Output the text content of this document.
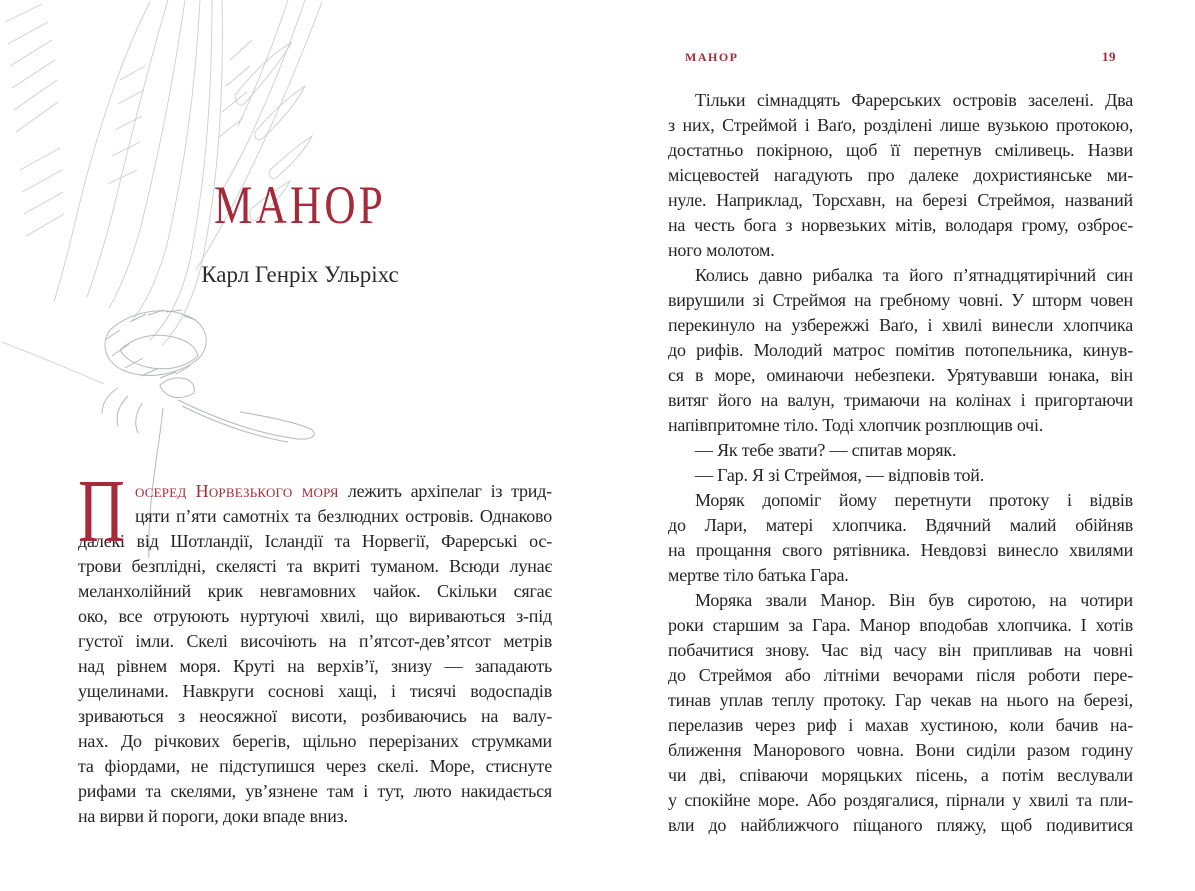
МАНОР
Карл Генріх Ульріхс
П осеред Норвезького моря лежить архіпелаг із трид-
цяти п’яти самотніх та безлюдних островів. Однаково
далекі від Шотландії, Ісландії та Норвегії, Фарерські ос-
трови безплідні, скелясті та вкриті туманом. Всюди лунає
меланхолійний крик невгамовних чайок. Скільки сягає
око, все отруюють нуртуючі хвилі, що вириваються з-під
густої імли. Скелі височіють на п’ятсот-дев’ятсот метрів
над рівнем моря. Круті на верхів’ї, знизу — западають
ущелинами. Навкруги соснові хащі, і тисячі водоспадів
зриваються з неосяжної висоти, розбиваючись на валу-
нах. До річкових берегів, щільно перерізаних струмками
та фіордами, не підступишся через скелі. Море, стиснуте
рифами та скелями, ув’язнене там і тут, люто накидається
на вирви й пороги, доки впаде вниз.
МАНОР	19
Тільки сімнадцять Фарерських островів заселені. Два
з них, Стреймой і Ваґо, розділені лише вузькою протокою,
достатньо покірною, щоб її перетнув сміливець. Назви
місцевостей нагадують про далеке дохристиянське ми-
нуле. Наприклад, Торсхавн, на березі Стреймоя, названий
на честь бога з норвезьких мітів, володаря грому, озброє-
ного молотом.
Колись давно рибалка та його п’ятнадцятирічний син
вирушили зі Стреймоя на гребному човні. У шторм човен
перекинуло на узбережжі Ваґо, і хвилі винесли хлопчика
до рифів. Молодий матрос помітив потопельника, кинув-
ся в море, оминаючи небезпеки. Урятувавши юнака, він
витяг його на валун, тримаючи на колінах і пригортаючи
напівпритомне тіло. Тоді хлопчик розплющив очі.
— Як тебе звати? — спитав моряк.
— Гар. Я зі Стреймоя, — відповів той.
Моряк допоміг йому перетнути протоку і відвів
до Лари, матері хлопчика. Вдячний малий обійняв
на прощання свого рятівника. Невдовзі винесло хвилями
мертве тіло батька Гара.
Моряка звали Манор. Він був сиротою, на чотири
роки старшим за Гара. Манор вподобав хлопчика. І хотів
побачитися знову. Час від часу він припливав на човні
до Стреймоя або літніми вечорами після роботи пере-
тинав уплав теплу протоку. Гар чекав на нього на березі,
перелазив через риф і махав хустиною, коли бачив на-
ближення Манорового човна. Вони сиділи разом годину
чи дві, співаючи моряцьких пісень, а потім веслували
у спокійне море. Або роздягалися, пірнали у хвилі та пли-
вли до найближчого піщаного пляжу, щоб подивитися
